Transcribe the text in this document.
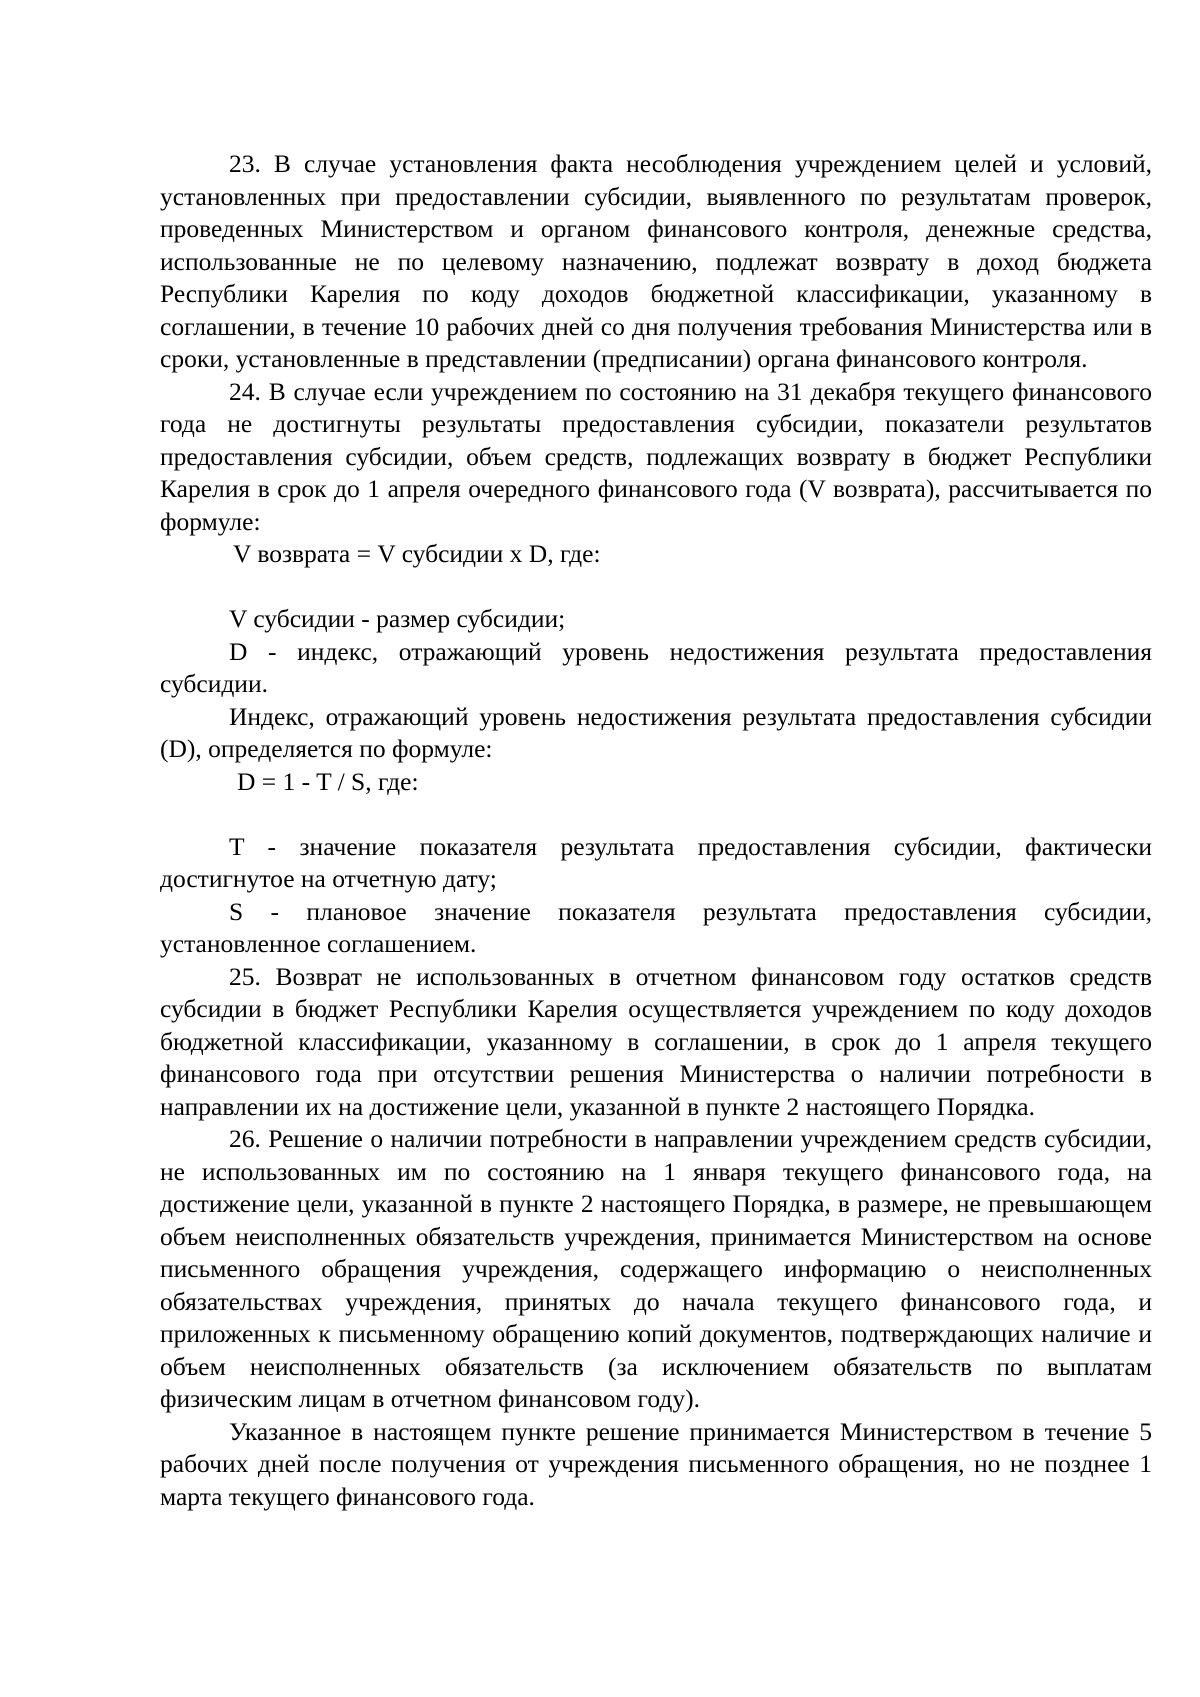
23. В случае установления факта несоблюдения учреждением целей и условий, установленных при предоставлении субсидии, выявленного по результатам проверок, проведенных Министерством и органом финансового контроля, денежные средства, использованные не по целевому назначению, подлежат возврату в доход бюджета Республики Карелия по коду доходов бюджетной классификации, указанному в соглашении, в течение 10 рабочих дней со дня получения требования Министерства или в сроки, установленные в представлении (предписании) органа финансового контроля.

24. В случае если учреждением по состоянию на 31 декабря текущего финансового года не достигнуты результаты предоставления субсидии, показатели результатов предоставления субсидии, объем средств, подлежащих возврату в бюджет Республики Карелия в срок до 1 апреля очередного финансового года (V возврата), рассчитывается по формуле:

V возврата = V субсидии x D, где:

V субсидии - размер субсидии;

D - индекс, отражающий уровень недостижения результата предоставления субсидии.

Индекс, отражающий уровень недостижения результата предоставления субсидии (D), определяется по формуле:

D = 1 - T / S, где:

T - значение показателя результата предоставления субсидии, фактически достигнутое на отчетную дату;

S - плановое значение показателя результата предоставления субсидии, установленное соглашением.

25. Возврат не использованных в отчетном финансовом году остатков средств субсидии в бюджет Республики Карелия осуществляется учреждением по коду доходов бюджетной классификации, указанному в соглашении, в срок до 1 апреля текущего финансового года при отсутствии решения Министерства о наличии потребности в направлении их на достижение цели, указанной в пункте 2 настоящего Порядка.

26. Решение о наличии потребности в направлении учреждением средств субсидии, не использованных им по состоянию на 1 января текущего финансового года, на достижение цели, указанной в пункте 2 настоящего Порядка, в размере, не превышающем объем неисполненных обязательств учреждения, принимается Министерством на основе письменного обращения учреждения, содержащего информацию о неисполненных обязательствах учреждения, принятых до начала текущего финансового года, и приложенных к письменному обращению копий документов, подтверждающих наличие и объем неисполненных обязательств (за исключением обязательств по выплатам физическим лицам в отчетном финансовом году).

Указанное в настоящем пункте решение принимается Министерством в течение 5 рабочих дней после получения от учреждения письменного обращения, но не позднее 1 марта текущего финансового года.
